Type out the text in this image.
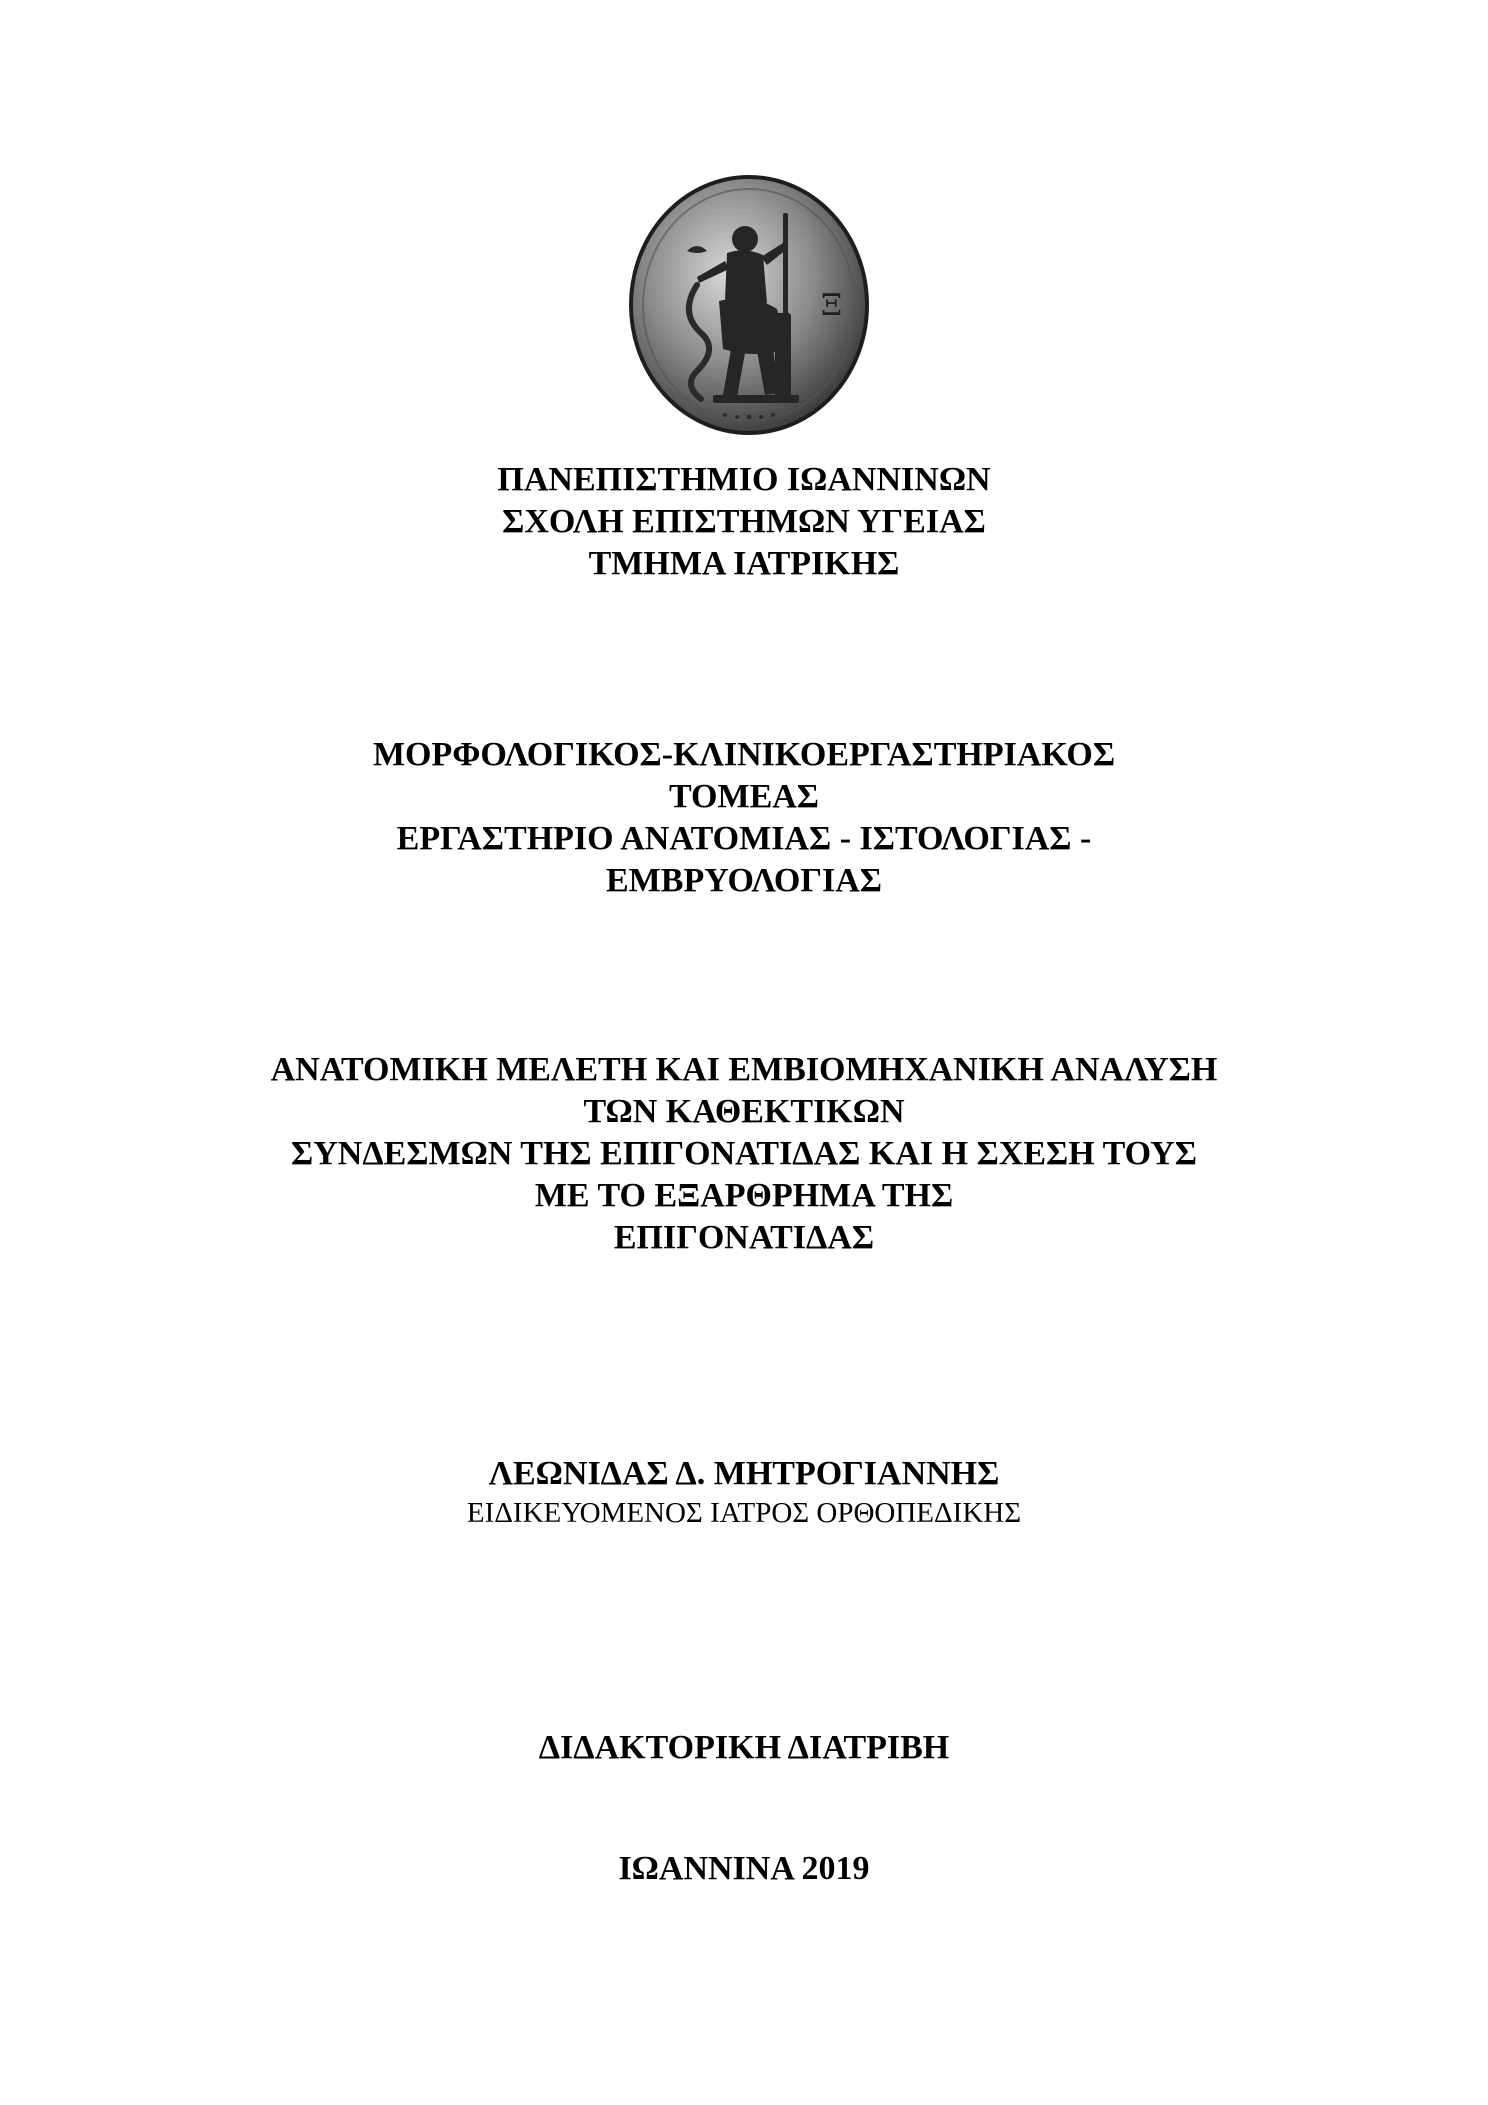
Ξ
ΠΑΝΕΠΙΣΤΗΜΙΟ ΙΩΑΝΝΙΝΩΝ
ΣΧΟΛΗ ΕΠΙΣΤΗΜΩΝ ΥΓΕΙΑΣ
ΤΜΗΜΑ ΙΑΤΡΙΚΗΣ
ΜΟΡΦΟΛΟΓΙΚΟΣ-ΚΛΙΝΙΚΟΕΡΓΑΣΤΗΡΙΑΚΟΣ
ΤΟΜΕΑΣ
ΕΡΓΑΣΤΗΡΙΟ ΑΝΑΤΟΜΙΑΣ - ΙΣΤΟΛΟΓΙΑΣ -
ΕΜΒΡΥΟΛΟΓΙΑΣ
ΑΝΑΤΟΜΙΚΗ ΜΕΛΕΤΗ ΚΑΙ ΕΜΒΙΟΜΗΧΑΝΙΚΗ ΑΝΑΛΥΣΗ
ΤΩΝ ΚΑΘΕΚΤΙΚΩΝ
ΣΥΝΔΕΣΜΩΝ ΤΗΣ ΕΠΙΓΟΝΑΤΙΔΑΣ ΚΑΙ Η ΣΧΕΣΗ ΤΟΥΣ
ΜΕ ΤΟ ΕΞΑΡΘΡΗΜΑ ΤΗΣ
ΕΠΙΓΟΝΑΤΙΔΑΣ
ΛΕΩΝΙΔΑΣ Δ. ΜΗΤΡΟΓΙΑΝΝΗΣ
ΕΙΔΙΚΕΥΟΜΕΝΟΣ ΙΑΤΡΟΣ ΟΡΘΟΠΕΔΙΚΗΣ
ΔΙΔΑΚΤΟΡΙΚΗ ΔΙΑΤΡΙΒΗ
ΙΩΑΝΝΙΝΑ 2019
